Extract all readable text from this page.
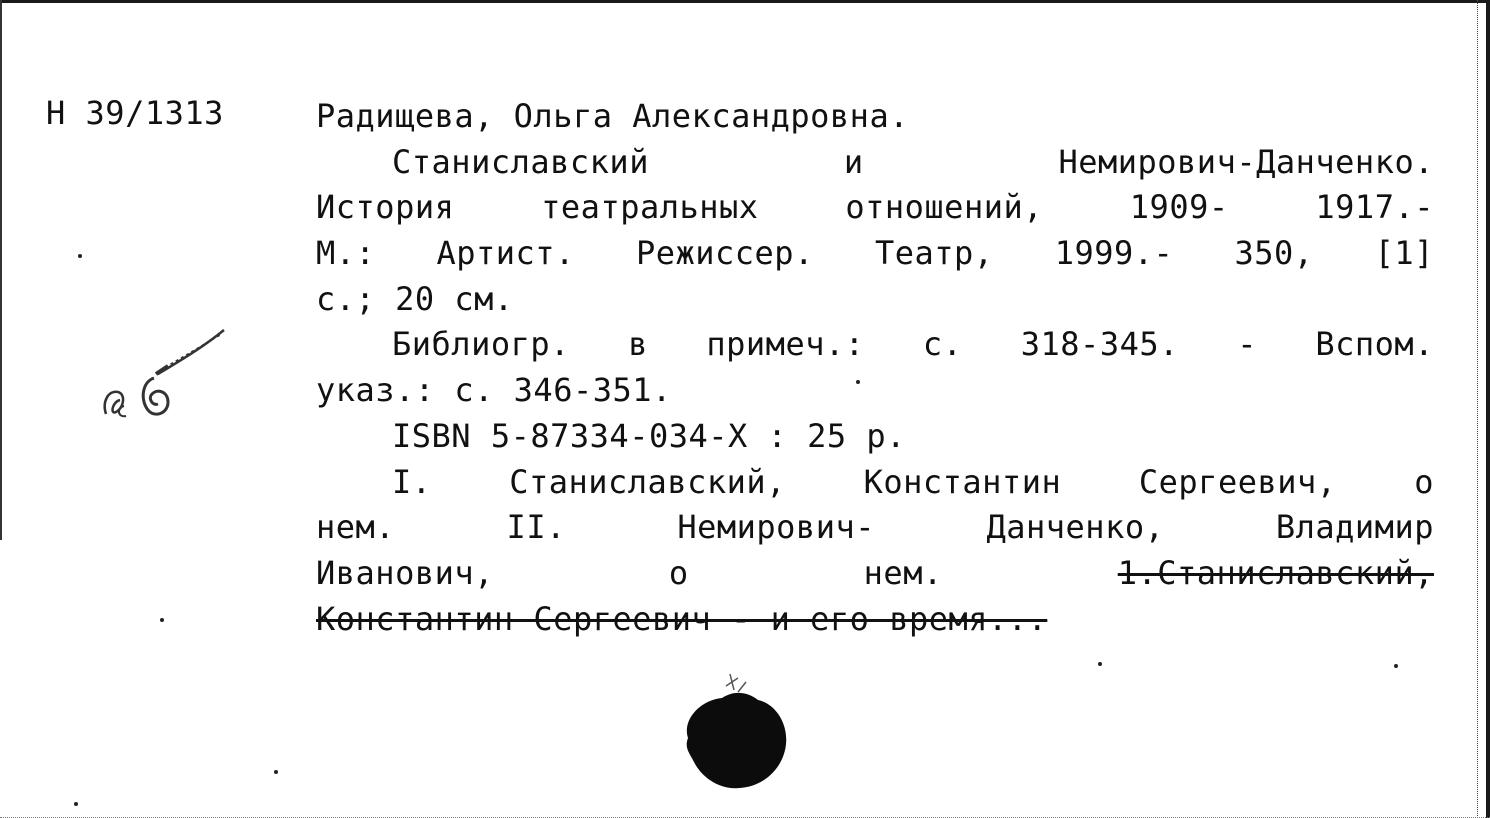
Н 39/1313	Радищева, Ольга Александровна.
Станиславский	и	Немирович-Данченко.
История	театральных	отношений,	1909-	1917.-
М.: Артист. Режиссер. Театр, 1999.- 350, [1]
с.; 20 см.
Библиогр. в примеч.: с. 318-345. - Вспом.
указ.: с. 346-351.
ISBN 5-87334-034-X : 25 р.
I. Станиславский, Константин Сергеевич, о
нем.	II.	Немирович-	Данченко,	Владимир
Иванович,	о	нем.	1.Станиславский,
Константин Сергеевич - и его время...
